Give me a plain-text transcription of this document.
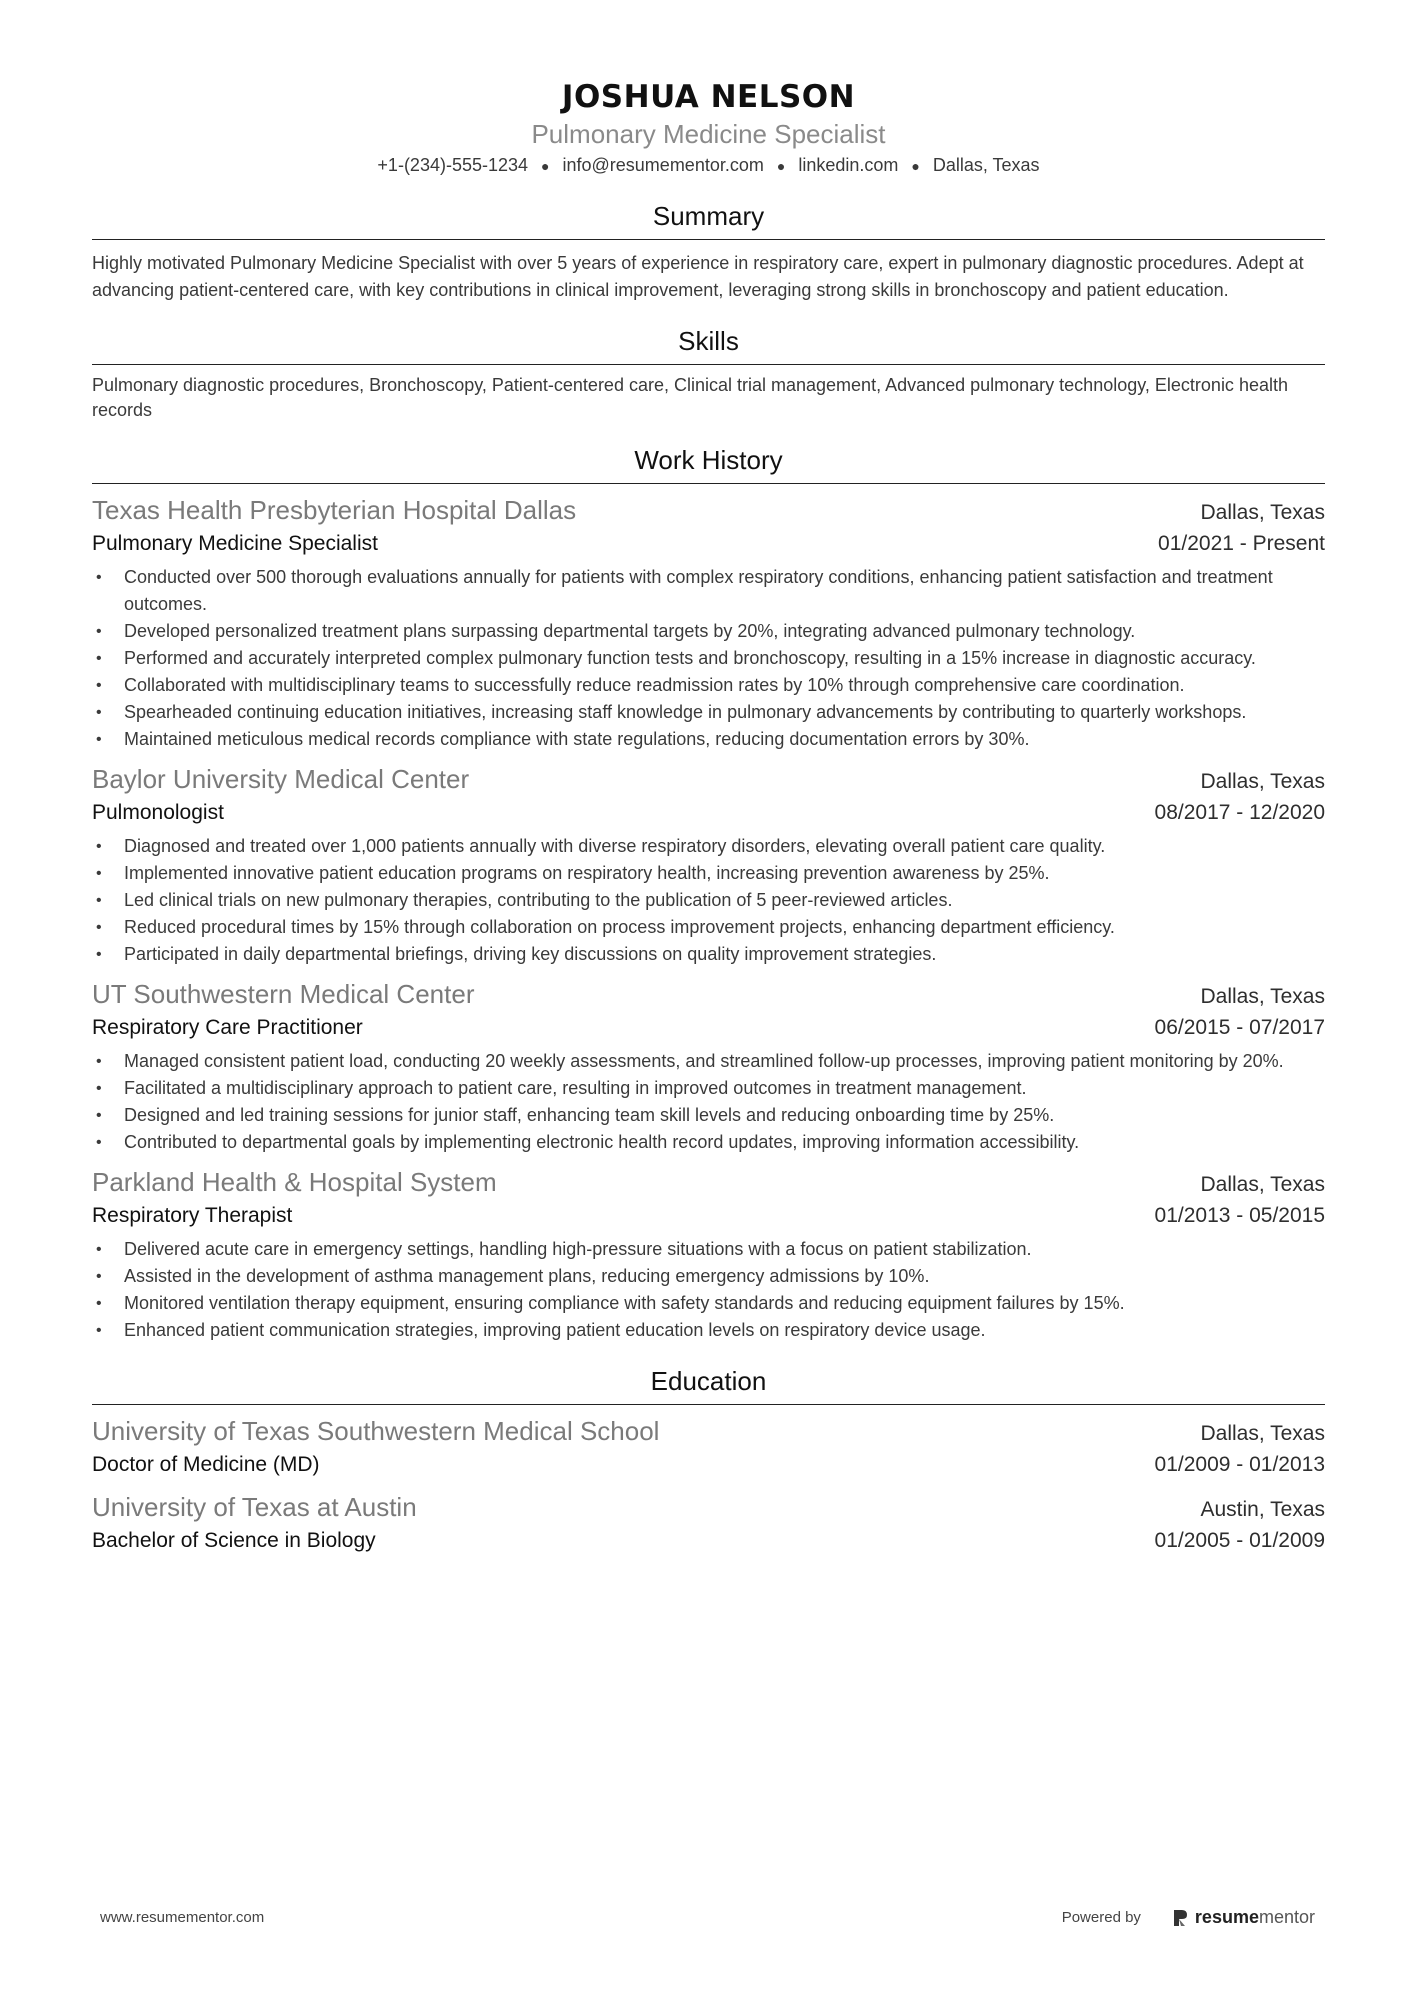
JOSHUA NELSON
Pulmonary Medicine Specialist
+1-(234)-555-1234 ● info@resumementor.com ● linkedin.com ● Dallas, Texas
Summary
Highly motivated Pulmonary Medicine Specialist with over 5 years of experience in respiratory care, expert in pulmonary diagnostic procedures. Adept at advancing patient-centered care, with key contributions in clinical improvement, leveraging strong skills in bronchoscopy and patient education.
Skills
Pulmonary diagnostic procedures, Bronchoscopy, Patient-centered care, Clinical trial management, Advanced pulmonary technology, Electronic health records
Work History
Texas Health Presbyterian Hospital Dallas	Dallas, Texas
Pulmonary Medicine Specialist	01/2021 - Present
• Conducted over 500 thorough evaluations annually for patients with complex respiratory conditions, enhancing patient satisfaction and treatment outcomes.
• Developed personalized treatment plans surpassing departmental targets by 20%, integrating advanced pulmonary technology.
• Performed and accurately interpreted complex pulmonary function tests and bronchoscopy, resulting in a 15% increase in diagnostic accuracy.
• Collaborated with multidisciplinary teams to successfully reduce readmission rates by 10% through comprehensive care coordination.
• Spearheaded continuing education initiatives, increasing staff knowledge in pulmonary advancements by contributing to quarterly workshops.
• Maintained meticulous medical records compliance with state regulations, reducing documentation errors by 30%.
Baylor University Medical Center	Dallas, Texas
Pulmonologist	08/2017 - 12/2020
• Diagnosed and treated over 1,000 patients annually with diverse respiratory disorders, elevating overall patient care quality.
• Implemented innovative patient education programs on respiratory health, increasing prevention awareness by 25%.
• Led clinical trials on new pulmonary therapies, contributing to the publication of 5 peer-reviewed articles.
• Reduced procedural times by 15% through collaboration on process improvement projects, enhancing department efficiency.
• Participated in daily departmental briefings, driving key discussions on quality improvement strategies.
UT Southwestern Medical Center	Dallas, Texas
Respiratory Care Practitioner	06/2015 - 07/2017
• Managed consistent patient load, conducting 20 weekly assessments, and streamlined follow-up processes, improving patient monitoring by 20%.
• Facilitated a multidisciplinary approach to patient care, resulting in improved outcomes in treatment management.
• Designed and led training sessions for junior staff, enhancing team skill levels and reducing onboarding time by 25%.
• Contributed to departmental goals by implementing electronic health record updates, improving information accessibility.
Parkland Health & Hospital System	Dallas, Texas
Respiratory Therapist	01/2013 - 05/2015
• Delivered acute care in emergency settings, handling high-pressure situations with a focus on patient stabilization.
• Assisted in the development of asthma management plans, reducing emergency admissions by 10%.
• Monitored ventilation therapy equipment, ensuring compliance with safety standards and reducing equipment failures by 15%.
• Enhanced patient communication strategies, improving patient education levels on respiratory device usage.
Education
University of Texas Southwestern Medical School	Dallas, Texas
Doctor of Medicine (MD)	01/2009 - 01/2013
University of Texas at Austin	Austin, Texas
Bachelor of Science in Biology	01/2005 - 01/2009
www.resumementor.com	Powered by	resumementor
